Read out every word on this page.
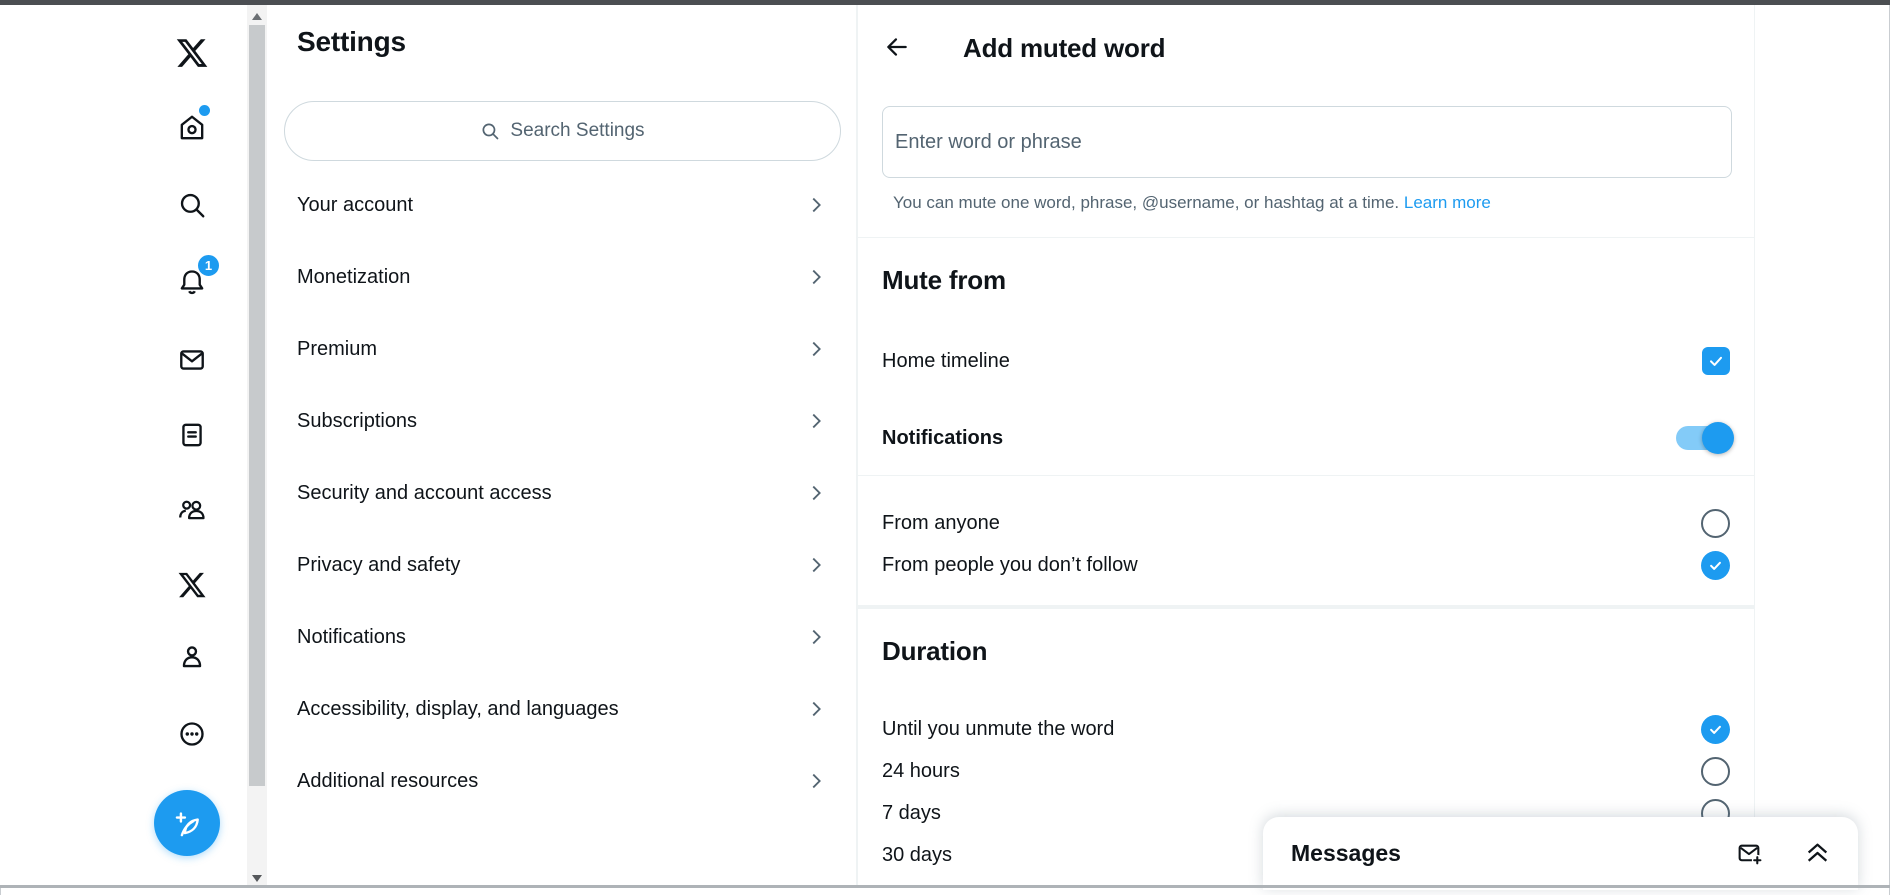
1
Settings
Search Settings
Your account
Monetization
Premium
Subscriptions
Security and account access
Privacy and safety
Notifications
Accessibility, display, and languages
Additional resources
Add muted word
Enter word or phrase

You can mute one word, phrase, @username, or hashtag at a time. Learn more

Mute from
Home timeline
Notifications
From anyone
From people you don’t follow
Duration
Until you unmute the word
24 hours
7 days
30 days	Messages
